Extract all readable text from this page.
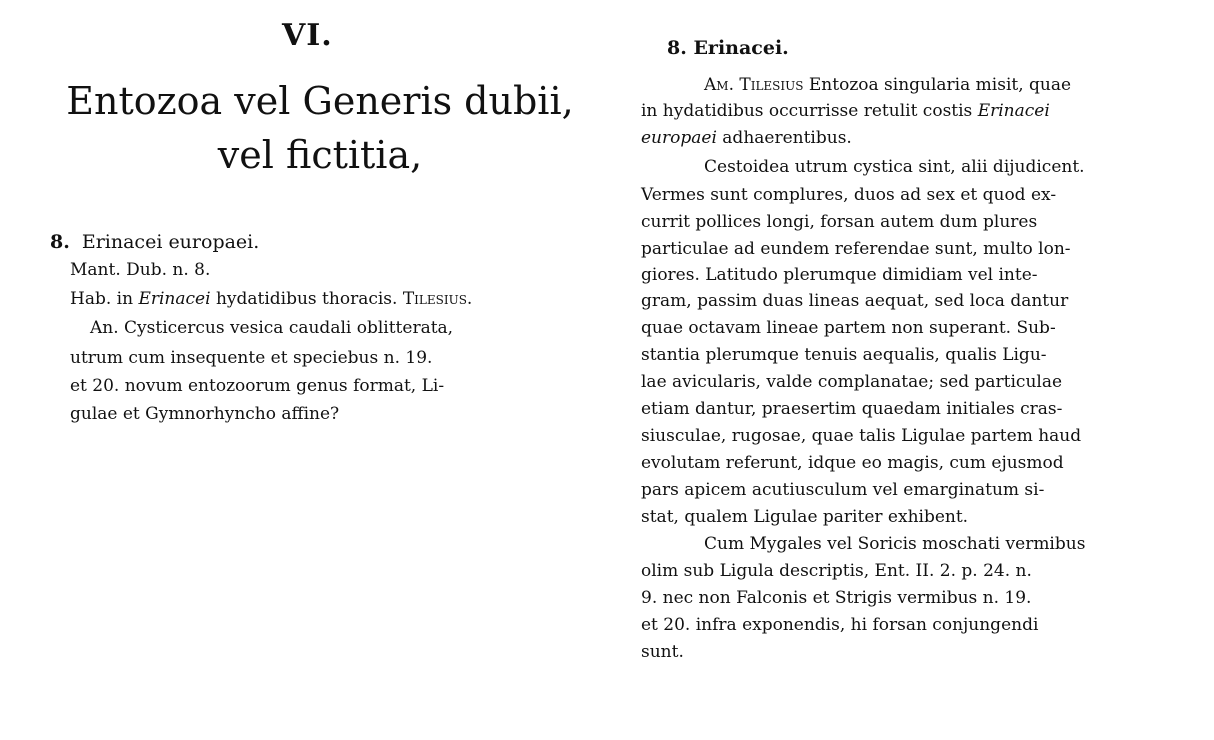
VI.
Entozoa vel Generis dubii,
vel fictitia,
8. Erinacei europaei.
Mant. Dub. n. 8.
Hab. in Erinacei hydatidibus thoracis. Tilesius.
An. Cysticercus vesica caudali oblitterata,
utrum cum insequente et speciebus n. 19.
et 20. novum entozoorum genus format, Li-
gulae et Gymnorhyncho affine?
8. Erinacei.
Am. Tilesius Entozoa singularia misit, quae
in hydatidibus occurrisse retulit costis Erinacei
europaei adhaerentibus.
Cestoidea utrum cystica sint, alii dijudicent.
Vermes sunt complures, duos ad sex et quod ex-
currit pollices longi, forsan autem dum plures
particulae ad eundem referendae sunt, multo lon-
giores. Latitudo plerumque dimidiam vel inte-
gram, passim duas lineas aequat, sed loca dantur
quae octavam lineae partem non superant. Sub-
stantia plerumque tenuis aequalis, qualis Ligu-
lae avicularis, valde complanatae; sed particulae
etiam dantur, praesertim quaedam initiales cras-
siusculae, rugosae, quae talis Ligulae partem haud
evolutam referunt, idque eo magis, cum ejusmod
pars apicem acutiusculum vel emarginatum si-
stat, qualem Ligulae pariter exhibent.
Cum Mygales vel Soricis moschati vermibus
olim sub Ligula descriptis, Ent. II. 2. p. 24. n.
9. nec non Falconis et Strigis vermibus n. 19.
et 20. infra exponendis, hi forsan conjungendi
sunt.
